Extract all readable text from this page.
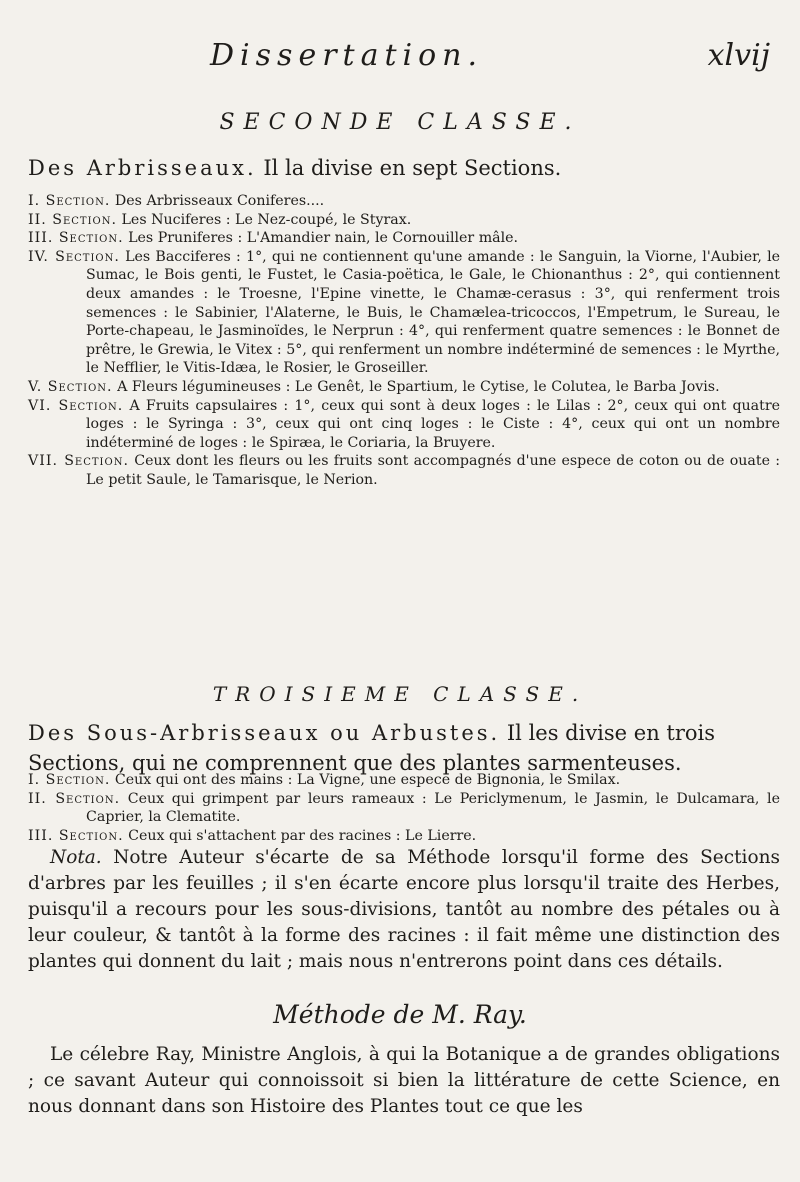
Dissertation.	xlvij
SECONDE CLASSE.
Des Arbrisseaux. Il la divise en sept Sections.

I. Section. Des Arbrisseaux Coniferes....

II. Section. Les Nuciferes : Le Nez-coupé, le Styrax.

III. Section. Les Pruniferes : L'Amandier nain, le Cornouiller mâle.

IV. Section. Les Bacciferes : 1°, qui ne contiennent qu'une amande : le Sanguin, la Viorne, l'Aubier, le Sumac, le Bois genti, le Fustet, le Casia-poëtica, le Gale, le Chionanthus : 2°, qui contiennent deux amandes : le Troesne, l'Epine vinette, le Chamæ-cerasus : 3°, qui renferment trois semences : le Sabinier, l'Alaterne, le Buis, le Chamælea-tricoccos, l'Empetrum, le Sureau, le Porte-chapeau, le Jasminoïdes, le Nerprun : 4°, qui renferment quatre semences : le Bonnet de prêtre, le Grewia, le Vitex : 5°, qui renferment un nombre indéterminé de semences : le Myrthe, le Nefflier, le Vitis-Idæa, le Rosier, le Groseiller.

V. Section. A Fleurs légumineuses : Le Genêt, le Spartium, le Cytise, le Colutea, le Barba Jovis.

VI. Section. A Fruits capsulaires : 1°, ceux qui sont à deux loges : le Lilas : 2°, ceux qui ont quatre loges : le Syringa : 3°, ceux qui ont cinq loges : le Ciste : 4°, ceux qui ont un nombre indéterminé de loges : le Spiræa, le Coriaria, la Bruyere.

VII. Section. Ceux dont les fleurs ou les fruits sont accompagnés d'une espece de coton ou de ouate : Le petit Saule, le Tamarisque, le Nerion.

TROISIEME CLASSE.
Des Sous-Arbrisseaux ou Arbustes. Il les divise en trois Sections, qui ne comprennent que des plantes sarmenteuses.

I. Section. Ceux qui ont des mains : La Vigne, une espece de Bignonia, le Smilax.

II. Section. Ceux qui grimpent par leurs rameaux : Le Periclymenum, le Jasmin, le Dulcamara, le Caprier, la Clematite.

III. Section. Ceux qui s'attachent par des racines : Le Lierre.

Nota. Notre Auteur s'écarte de sa Méthode lorsqu'il forme des Sections d'arbres par les feuilles ; il s'en écarte encore plus lorsqu'il traite des Herbes, puisqu'il a recours pour les sous-divisions, tantôt au nombre des pétales ou à leur couleur, & tantôt à la forme des racines : il fait même une distinction des plantes qui donnent du lait ; mais nous n'entrerons point dans ces détails.

Méthode de M. Ray.

Le célebre Ray, Ministre Anglois, à qui la Botanique a de grandes obligations ; ce savant Auteur qui connoissoit si bien la littérature de cette Science, en nous donnant dans son Histoire des Plantes tout ce que les
